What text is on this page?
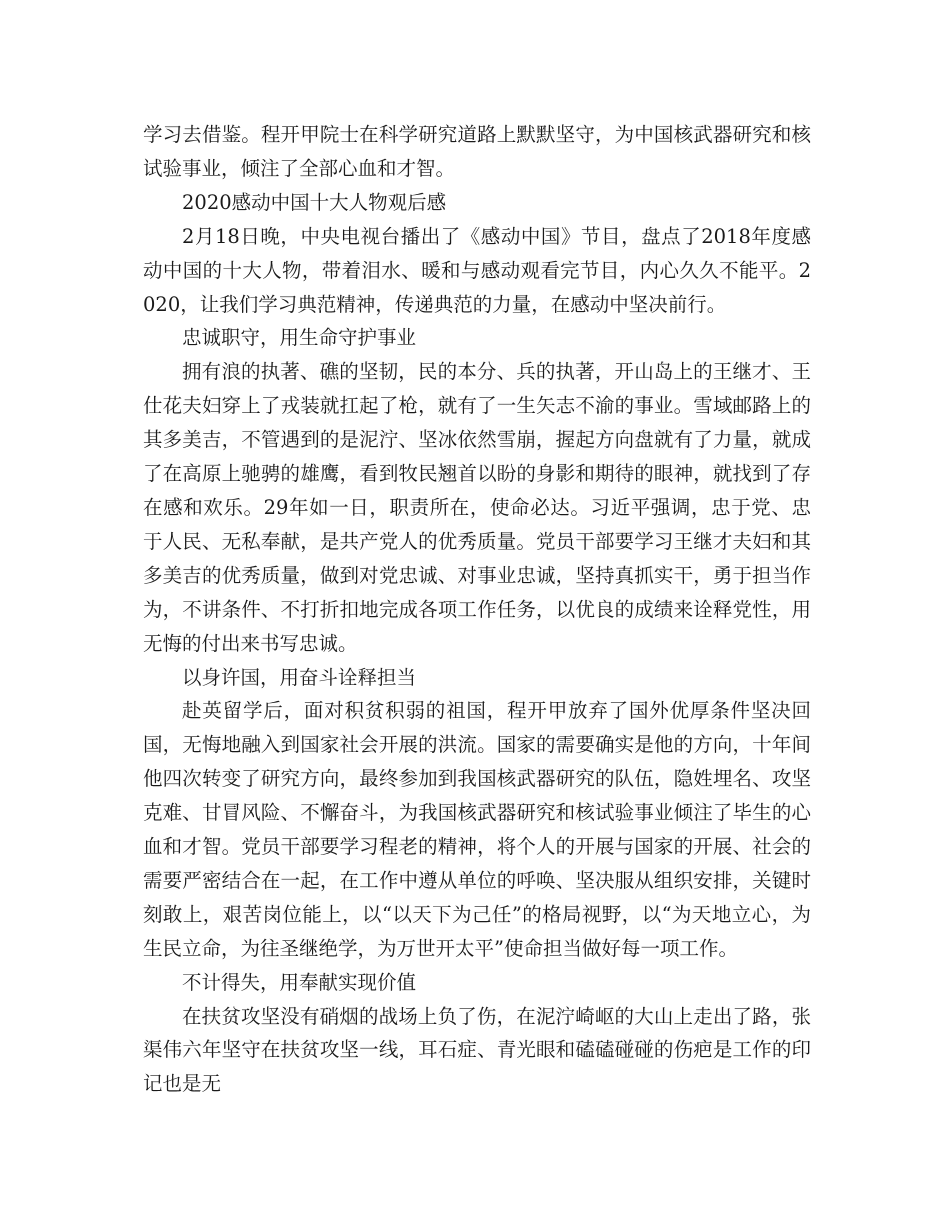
学习去借鉴。程开甲院士在科学研究道路上默默坚守，为中国核武器研究和核试验事业，倾注了全部心血和才智。

2020感动中国十大人物观后感

2月18日晚，中央电视台播出了《感动中国》节目，盘点了2018年度感动中国的十大人物，带着泪水、暖和与感动观看完节目，内心久久不能平。2020，让我们学习典范精神，传递典范的力量，在感动中坚决前行。

忠诚职守，用生命守护事业

拥有浪的执著、礁的坚韧，民的本分、兵的执著，开山岛上的王继才、王仕花夫妇穿上了戎装就扛起了枪，就有了一生矢志不渝的事业。雪域邮路上的其多美吉，不管遇到的是泥泞、坚冰依然雪崩，握起方向盘就有了力量，就成了在高原上驰骋的雄鹰，看到牧民翘首以盼的身影和期待的眼神，就找到了存在感和欢乐。29年如一日，职责所在，使命必达。习近平强调，忠于党、忠于人民、无私奉献，是共产党人的优秀质量。党员干部要学习王继才夫妇和其多美吉的优秀质量，做到对党忠诚、对事业忠诚，坚持真抓实干，勇于担当作为，不讲条件、不打折扣地完成各项工作任务，以优良的成绩来诠释党性，用无悔的付出来书写忠诚。

以身许国，用奋斗诠释担当

赴英留学后，面对积贫积弱的祖国，程开甲放弃了国外优厚条件坚决回国，无悔地融入到国家社会开展的洪流。国家的需要确实是他的方向，十年间他四次转变了研究方向，最终参加到我国核武器研究的队伍，隐姓埋名、攻坚克难、甘冒风险、不懈奋斗，为我国核武器研究和核试验事业倾注了毕生的心血和才智。党员干部要学习程老的精神，将个人的开展与国家的开展、社会的需要严密结合在一起，在工作中遵从单位的呼唤、坚决服从组织安排，关键时刻敢上，艰苦岗位能上，以“以天下为己任”的格局视野，以“为天地立心，为生民立命，为往圣继绝学，为万世开太平”使命担当做好每一项工作。

不计得失，用奉献实现价值

在扶贫攻坚没有硝烟的战场上负了伤，在泥泞崎岖的大山上走出了路，张渠伟六年坚守在扶贫攻坚一线，耳石症、青光眼和磕磕碰碰的伤疤是工作的印记也是无
